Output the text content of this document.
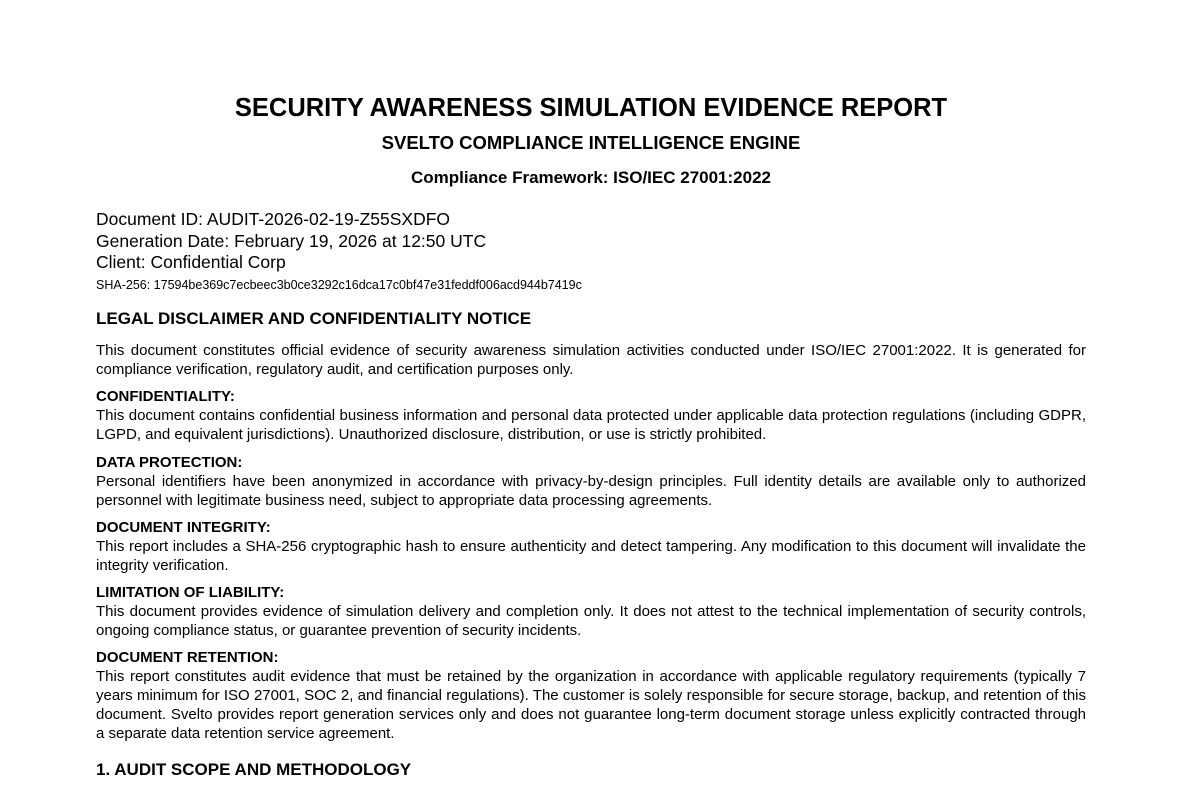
SECURITY AWARENESS SIMULATION EVIDENCE REPORT
SVELTO COMPLIANCE INTELLIGENCE ENGINE
Compliance Framework: ISO/IEC 27001:2022
Document ID: AUDIT-2026-02-19-Z55SXDFO
Generation Date: February 19, 2026 at 12:50 UTC
Client: Confidential Corp
SHA-256: 17594be369c7ecbeec3b0ce3292c16dca17c0bf47e31feddf006acd944b7419c
LEGAL DISCLAIMER AND CONFIDENTIALITY NOTICE

This document constitutes official evidence of security awareness simulation activities conducted under ISO/IEC 27001:2022. It is generated for compliance verification, regulatory audit, and certification purposes only.

CONFIDENTIALITY:

This document contains confidential business information and personal data protected under applicable data protection regulations (including GDPR, LGPD, and equivalent jurisdictions). Unauthorized disclosure, distribution, or use is strictly prohibited.

DATA PROTECTION:

Personal identifiers have been anonymized in accordance with privacy-by-design principles. Full identity details are available only to authorized personnel with legitimate business need, subject to appropriate data processing agreements.

DOCUMENT INTEGRITY:

This report includes a SHA-256 cryptographic hash to ensure authenticity and detect tampering. Any modification to this document will invalidate the integrity verification.

LIMITATION OF LIABILITY:

This document provides evidence of simulation delivery and completion only. It does not attest to the technical implementation of security controls, ongoing compliance status, or guarantee prevention of security incidents.

DOCUMENT RETENTION:

This report constitutes audit evidence that must be retained by the organization in accordance with applicable regulatory requirements (typically 7 years minimum for ISO 27001, SOC 2, and financial regulations). The customer is solely responsible for secure storage, backup, and retention of this document. Svelto provides report generation services only and does not guarantee long-term document storage unless explicitly contracted through a separate data retention service agreement.

1. AUDIT SCOPE AND METHODOLOGY
